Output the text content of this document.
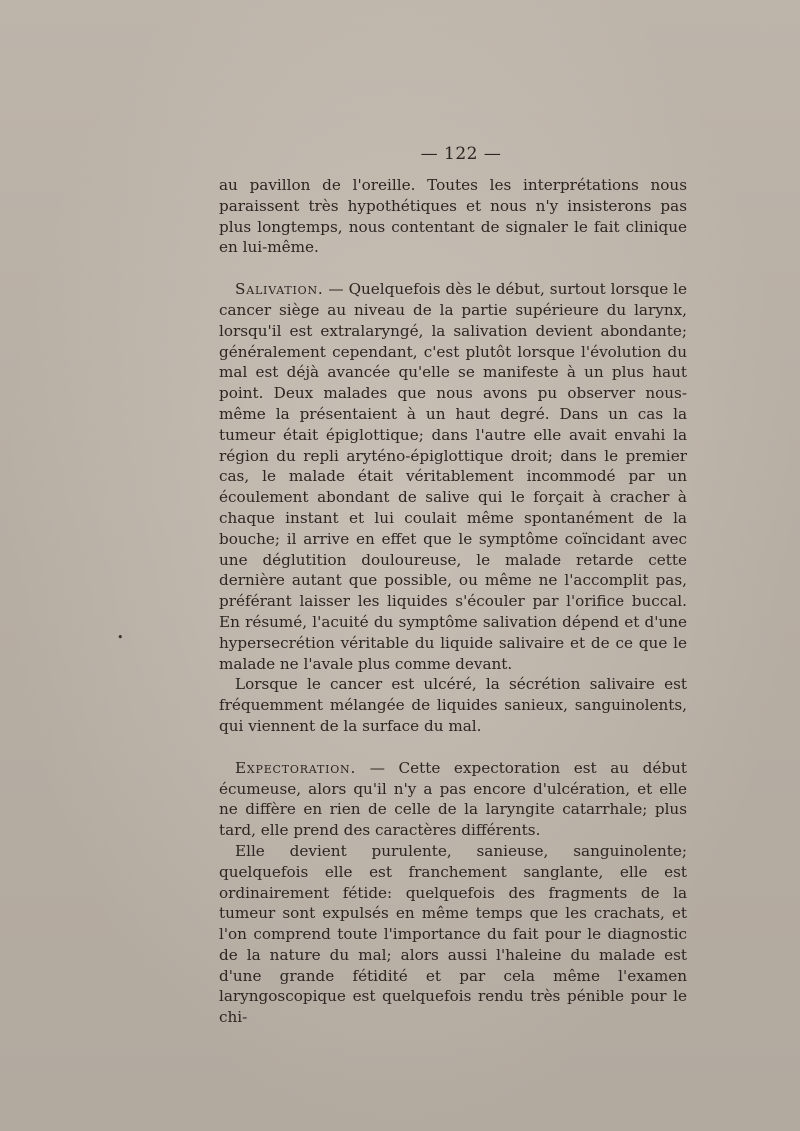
— 122 —

au pavillon de l'oreille. Toutes les interprétations nous paraissent très hypothétiques et nous n'y insisterons pas plus longtemps, nous contentant de signaler le fait clinique en lui-même.

Salivation. — Quelquefois dès le début, surtout lorsque le cancer siège au niveau de la partie supérieure du larynx, lorsqu'il est extralaryngé, la salivation devient abondante; généralement cependant, c'est plutôt lorsque l'évolution du mal est déjà avancée qu'elle se manifeste à un plus haut point. Deux malades que nous avons pu observer nous-même la présentaient à un haut degré. Dans un cas la tumeur était épiglottique; dans l'autre elle avait envahi la région du repli aryténo-épiglottique droit; dans le premier cas, le malade était véritablement incommodé par un écoulement abondant de salive qui le forçait à cracher à chaque instant et lui coulait même spontanément de la bouche; il arrive en effet que le symptôme coïncidant avec une déglutition douloureuse, le malade retarde cette dernière autant que possible, ou même ne l'accomplit pas, préférant laisser les liquides s'écouler par l'orifice buccal. En résumé, l'acuité du symptôme salivation dépend et d'une hypersecrétion véritable du liquide salivaire et de ce que le malade ne l'avale plus comme devant.

Lorsque le cancer est ulcéré, la sécrétion salivaire est fréquemment mélangée de liquides sanieux, sanguinolents, qui viennent de la surface du mal.

Expectoration. — Cette expectoration est au début écumeuse, alors qu'il n'y a pas encore d'ulcération, et elle ne diffère en rien de celle de la laryngite catarrhale; plus tard, elle prend des caractères différents.

Elle devient purulente, sanieuse, sanguinolente; quelquefois elle est franchement sanglante, elle est ordinairement fétide: quelquefois des fragments de la tumeur sont expulsés en même temps que les crachats, et l'on comprend toute l'importance du fait pour le diagnostic de la nature du mal; alors aussi l'haleine du malade est d'une grande fétidité et par cela même l'examen laryngoscopique est quelquefois rendu très pénible pour le chi-

•
